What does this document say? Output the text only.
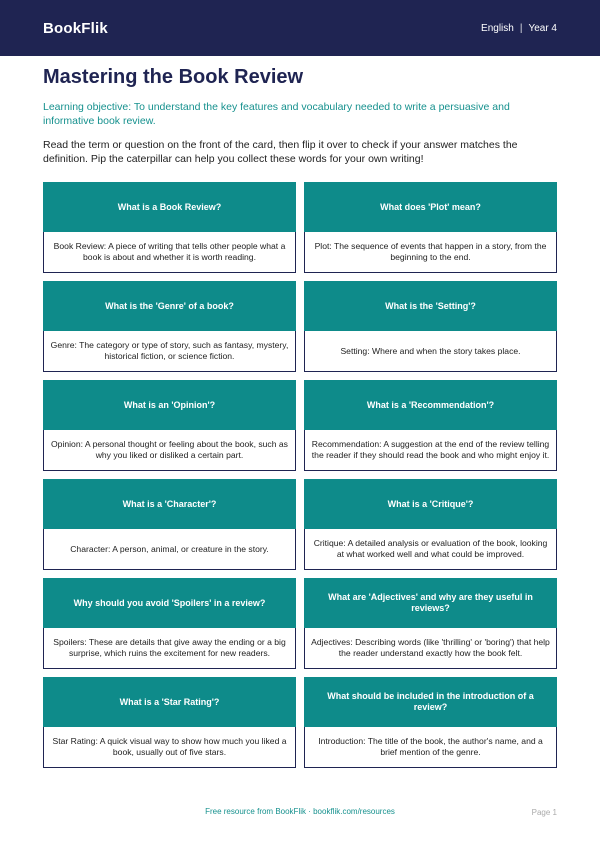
BookFlik	English | Year 4
Mastering the Book Review

Learning objective: To understand the key features and vocabulary needed to write a persuasive and informative book review.

Read the term or question on the front of the card, then flip it over to check if your answer matches the definition. Pip the caterpillar can help you collect these words for your own writing!

What is a Book Review?
Book Review: A piece of writing that tells other people what a book is about and whether it is worth reading.
What does 'Plot' mean?
Plot: The sequence of events that happen in a story, from the beginning to the end.
What is the 'Genre' of a book?
Genre: The category or type of story, such as fantasy, mystery, historical fiction, or science fiction.
What is the 'Setting'?
Setting: Where and when the story takes place.
What is an 'Opinion'?
Opinion: A personal thought or feeling about the book, such as why you liked or disliked a certain part.
What is a 'Recommendation'?
Recommendation: A suggestion at the end of the review telling the reader if they should read the book and who might enjoy it.
What is a 'Character'?
Character: A person, animal, or creature in the story.
What is a 'Critique'?
Critique: A detailed analysis or evaluation of the book, looking at what worked well and what could be improved.
Why should you avoid 'Spoilers' in a review?
Spoilers: These are details that give away the ending or a big surprise, which ruins the excitement for new readers.
What are 'Adjectives' and why are they useful in reviews?
Adjectives: Describing words (like 'thrilling' or 'boring') that help the reader understand exactly how the book felt.
What is a 'Star Rating'?
Star Rating: A quick visual way to show how much you liked a book, usually out of five stars.
What should be included in the introduction of a review?
Introduction: The title of the book, the author's name, and a brief mention of the genre.
Free resource from BookFlik · bookflik.com/resources	Page 1
